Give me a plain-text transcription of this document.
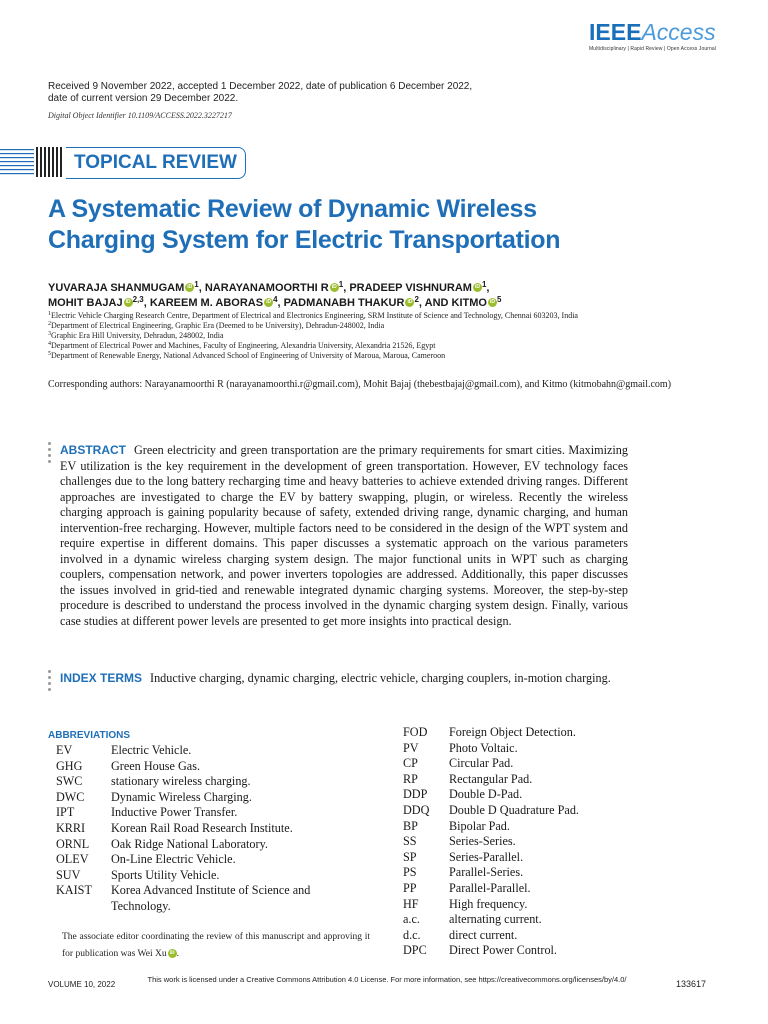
IEEEAccess
Multidisciplinary | Rapid Review | Open Access Journal
Received 9 November 2022, accepted 1 December 2022, date of publication 6 December 2022,
date of current version 29 December 2022.
Digital Object Identifier 10.1109/ACCESS.2022.3227217
TOPICAL REVIEW
A Systematic Review of Dynamic Wireless
Charging System for Electric Transportation
YUVARAJA SHANMUGAM iD $^1$, NARAYANAMOORTHI R iD $^1$, PRADEEP VISHNURAM iD $^1$,
MOHIT BAJAJ iD $^{2,3}$, KAREEM M. ABORAS iD $^4$, PADMANABH THAKUR iD $^2$, AND KITMO iD $^5$
$^1$Electric Vehicle Charging Research Centre, Department of Electrical and Electronics Engineering, SRM Institute of Science and Technology, Chennai 603203, India
$^2$Department of Electrical Engineering, Graphic Era (Deemed to be University), Dehradun-248002, India
$^3$Graphic Era Hill University, Dehradun, 248002, India
$^4$Department of Electrical Power and Machines, Faculty of Engineering, Alexandria University, Alexandria 21526, Egypt
$^5$Department of Renewable Energy, National Advanced School of Engineering of University of Maroua, Maroua, Cameroon
Corresponding authors: Narayanamoorthi R (narayanamoorthi.r@gmail.com), Mohit Bajaj (thebestbajaj@gmail.com), and Kitmo (kitmobahn@gmail.com)
ABSTRACT Green electricity and green transportation are the primary requirements for smart cities. Maximizing EV utilization is the key requirement in the development of green transportation. However, EV technology faces challenges due to the long battery recharging time and heavy batteries to achieve extended driving ranges. Different approaches are investigated to charge the EV by battery swapping, plugin, or wireless. Recently the wireless charging approach is gaining popularity because of safety, extended driving range, dynamic charging, and human intervention-free recharging. However, multiple factors need to be considered in the design of the WPT system and require expertise in different domains. This paper discusses a systematic approach on the various parameters involved in a dynamic wireless charging system design. The major functional units in WPT such as charging couplers, compensation network, and power inverters topologies are addressed. Additionally, this paper discusses the issues involved in grid-tied and renewable integrated dynamic charging systems. Moreover, the step-by-step procedure is described to understand the process involved in the dynamic charging system design. Finally, various case studies at different power levels are presented to get more insights into practical design.
INDEX TERMS Inductive charging, dynamic charging, electric vehicle, charging couplers, in-motion charging.
ABBREVIATIONS
EV	Electric Vehicle.
GHG	Green House Gas.
SWC	stationary wireless charging.
DWC	Dynamic Wireless Charging.
IPT	Inductive Power Transfer.
KRRI	Korean Rail Road Research Institute.
ORNL	Oak Ridge National Laboratory.
OLEV	On-Line Electric Vehicle.
SUV	Sports Utility Vehicle.
KAIST	Korea Advanced Institute of Science and Technology.
FOD	Foreign Object Detection.
PV	Photo Voltaic.
CP	Circular Pad.
RP	Rectangular Pad.
DDP	Double D-Pad.
DDQ	Double D Quadrature Pad.
BP	Bipolar Pad.
SS	Series-Series.
SP	Series-Parallel.
PS	Parallel-Series.
PP	Parallel-Parallel.
HF	High frequency.
a.c.	alternating current.
d.c.	direct current.
DPC	Direct Power Control.
The associate editor coordinating the review of this manuscript and approving it for publication was Wei Xu iD .
VOLUME 10, 2022
This work is licensed under a Creative Commons Attribution 4.0 License. For more information, see https://creativecommons.org/licenses/by/4.0/	133617
